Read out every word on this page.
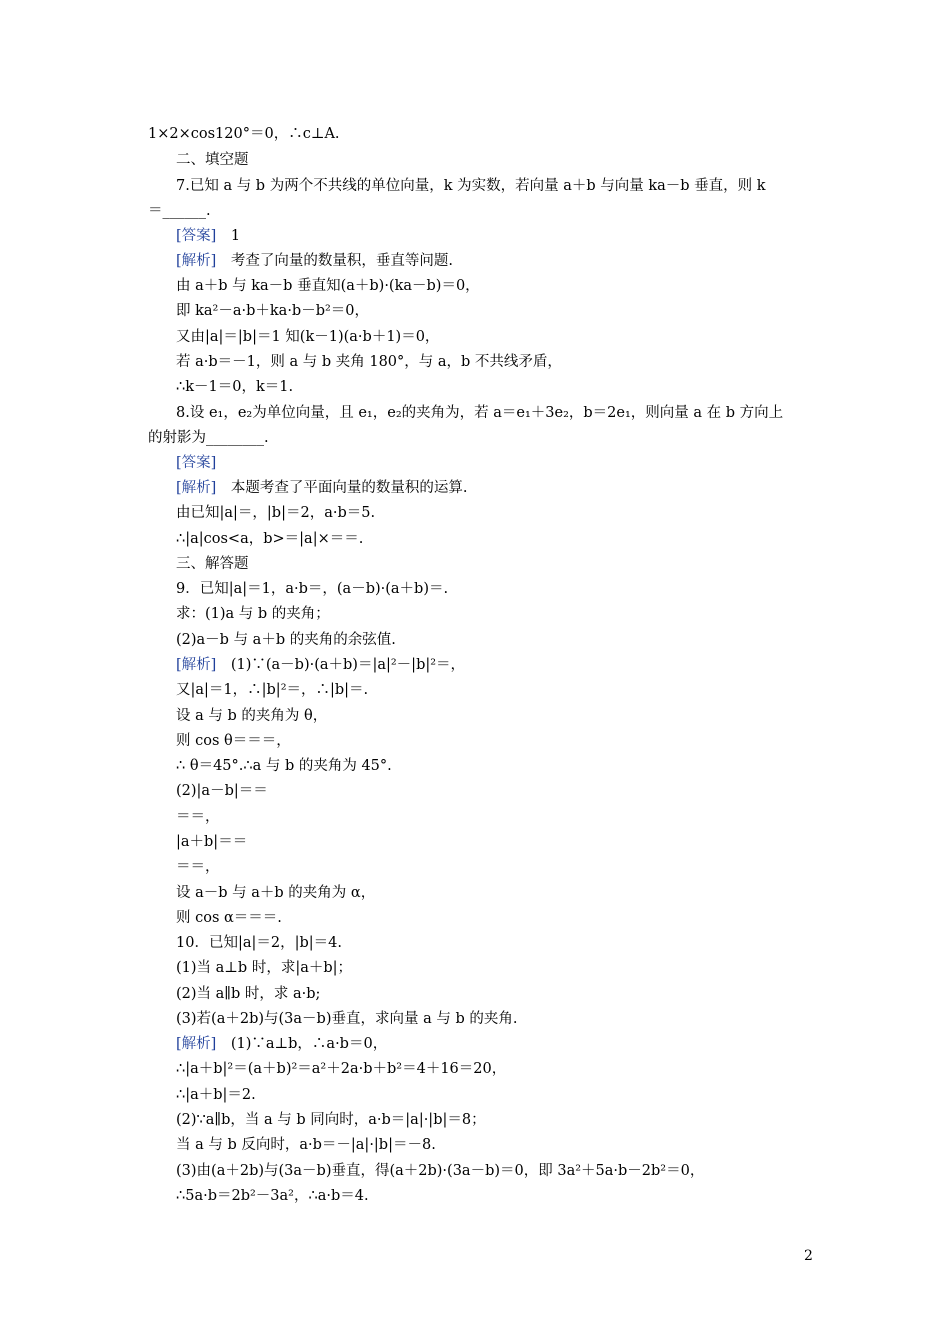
1×2×cos120°＝0，∴c⊥A.
二、填空题
7.已知 a 与 b 为两个不共线的单位向量，k 为实数，若向量 a＋b 与向量 ka－b 垂直，则 k
＝______.
[答案]　1
[解析]　考查了向量的数量积，垂直等问题.
由 a＋b 与 ka－b 垂直知(a＋b)·(ka－b)＝0，
即 ka²－a·b＋ka·b－b²＝0，
又由|a|＝|b|＝1 知(k－1)(a·b＋1)＝0，
若 a·b＝－1，则 a 与 b 夹角 180°，与 a，b 不共线矛盾，
∴k－1＝0，k＝1.
8.设 e₁，e₂为单位向量，且 e₁，e₂的夹角为，若 a＝e₁＋3e₂，b＝2e₁，则向量 a 在 b 方向上
的射影为________.
[答案]
[解析]　本题考查了平面向量的数量积的运算.
由已知|a|＝，|b|＝2，a·b＝5.
∴|a|cos<a，b>＝|a|×＝＝.
三、解答题
9．已知|a|＝1，a·b＝，(a－b)·(a＋b)＝.
求：(1)a 与 b 的夹角；
(2)a－b 与 a＋b 的夹角的余弦值.
[解析]　(1)∵(a－b)·(a＋b)＝|a|²－|b|²＝，
又|a|＝1，∴|b|²＝，∴|b|＝.
设 a 与 b 的夹角为 θ，
则 cos θ＝＝＝，
∴ θ＝45°.∴a 与 b 的夹角为 45°.
(2)|a－b|＝＝
＝＝，
|a＋b|＝＝
＝＝，
设 a－b 与 a＋b 的夹角为 α，
则 cos α＝＝＝.
10．已知|a|＝2，|b|＝4.
(1)当 a⊥b 时，求|a＋b|；
(2)当 a∥b 时，求 a·b;
(3)若(a＋2b)与(3a－b)垂直，求向量 a 与 b 的夹角.
[解析]　(1)∵a⊥b，∴a·b＝0，
∴|a＋b|²＝(a＋b)²＝a²＋2a·b＋b²＝4＋16＝20，
∴|a＋b|＝2.
(2)∵a∥b，当 a 与 b 同向时，a·b＝|a|·|b|＝8；
当 a 与 b 反向时，a·b＝－|a|·|b|＝－8.
(3)由(a＋2b)与(3a－b)垂直，得(a＋2b)·(3a－b)＝0，即 3a²＋5a·b－2b²＝0，
∴5a·b＝2b²－3a²，∴a·b＝4.
2
